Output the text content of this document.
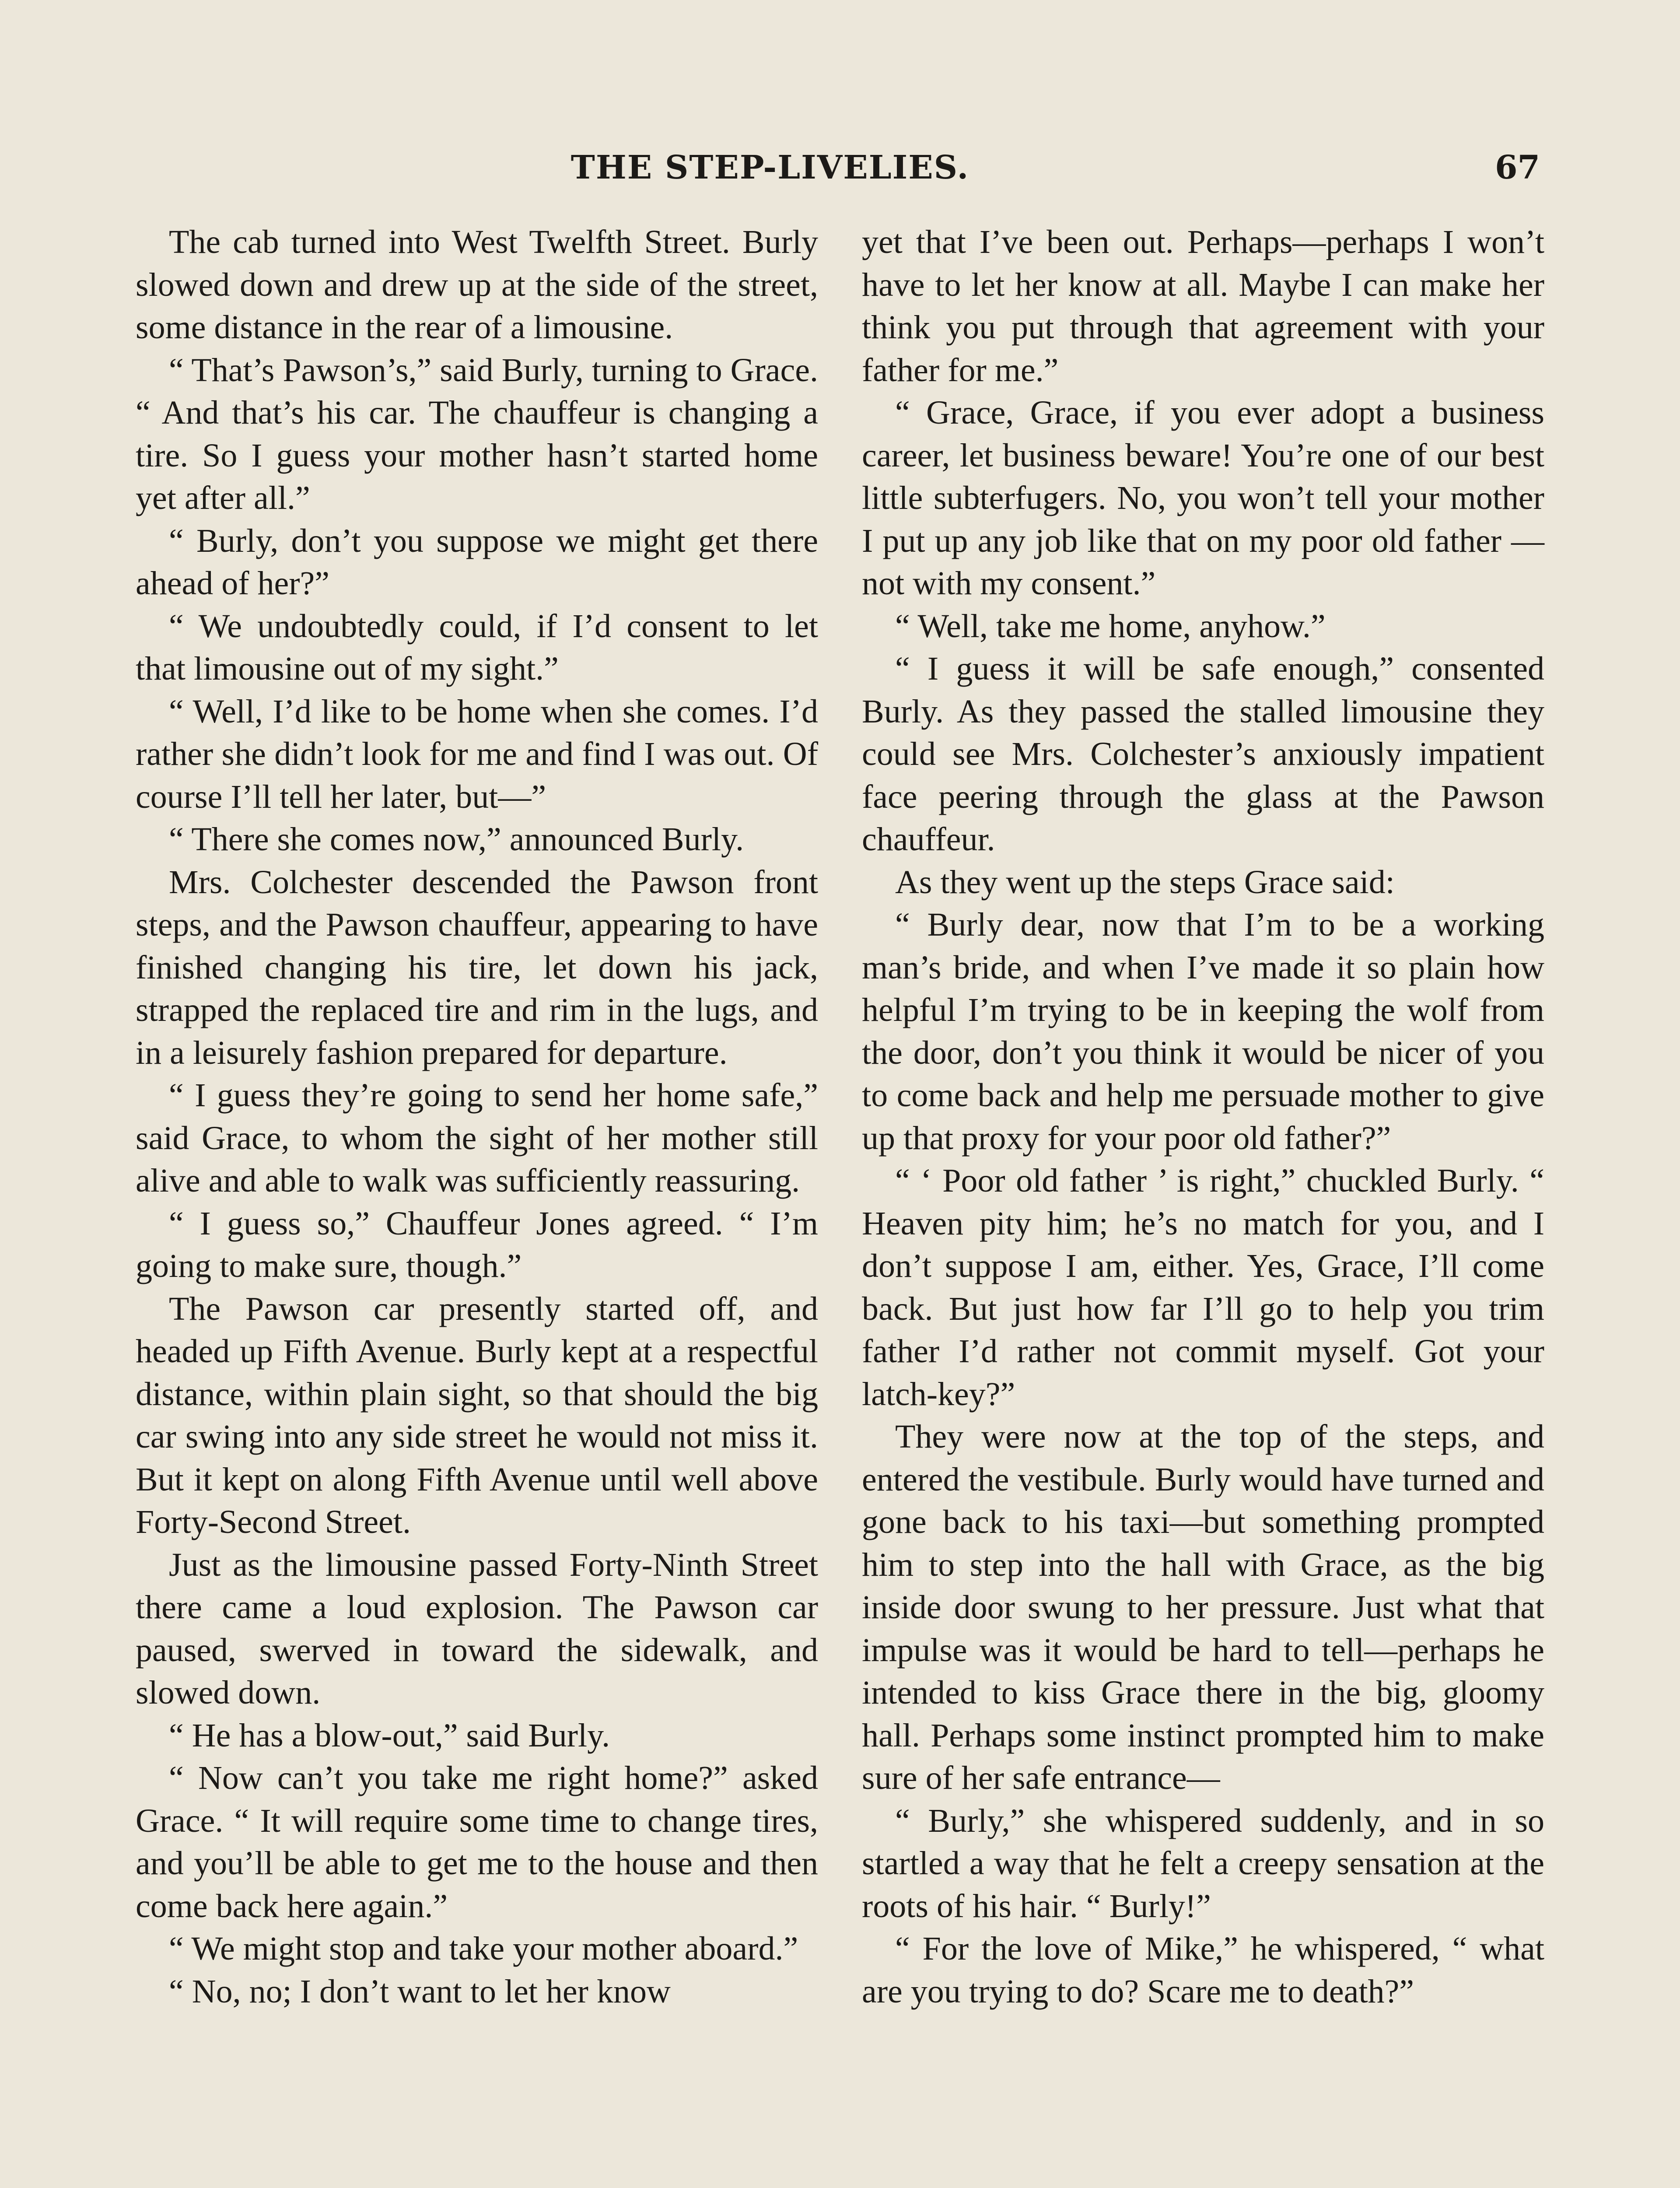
THE STEP-LIVELIES.	67

The cab turned into West Twelfth Street. Burly slowed down and drew up at the side of the street, some distance in the rear of a limousine.

“ That’s Pawson’s,” said Burly, turning to Grace. “ And that’s his car. The chauffeur is changing a tire. So I guess your mother hasn’t started home yet after all.”

“ Burly, don’t you suppose we might get there ahead of her?”

“ We undoubtedly could, if I’d consent to let that limousine out of my sight.”

“ Well, I’d like to be home when she comes. I’d rather she didn’t look for me and find I was out. Of course I’ll tell her later, but—”

“ There she comes now,” announced Burly.

Mrs. Colchester descended the Pawson front steps, and the Pawson chauffeur, appearing to have finished changing his tire, let down his jack, strapped the replaced tire and rim in the lugs, and in a leisurely fashion prepared for departure.

“ I guess they’re going to send her home safe,” said Grace, to whom the sight of her mother still alive and able to walk was sufficiently reassuring.

“ I guess so,” Chauffeur Jones agreed. “ I’m going to make sure, though.”

The Pawson car presently started off, and headed up Fifth Avenue. Burly kept at a respectful distance, within plain sight, so that should the big car swing into any side street he would not miss it. But it kept on along Fifth Avenue until well above Forty-Second Street.

Just as the limousine passed Forty-Ninth Street there came a loud explosion. The Pawson car paused, swerved in toward the sidewalk, and slowed down.

“ He has a blow-out,” said Burly.

“ Now can’t you take me right home?” asked Grace. “ It will require some time to change tires, and you’ll be able to get me to the house and then come back here again.”

“ We might stop and take your mother aboard.”

“ No, no; I don’t want to let her know

yet that I’ve been out. Perhaps—perhaps I won’t have to let her know at all. Maybe I can make her think you put through that agreement with your father for me.”

“ Grace, Grace, if you ever adopt a business career, let business beware! You’re one of our best little subterfugers. No, you won’t tell your mother I put up any job like that on my poor old father —not with my consent.”

“ Well, take me home, anyhow.”

“ I guess it will be safe enough,” consented Burly. As they passed the stalled limousine they could see Mrs. Colchester’s anxiously impatient face peering through the glass at the Pawson chauffeur.

As they went up the steps Grace said:

“ Burly dear, now that I’m to be a working man’s bride, and when I’ve made it so plain how helpful I’m trying to be in keeping the wolf from the door, don’t you think it would be nicer of you to come back and help me persuade mother to give up that proxy for your poor old father?”

“ ‘ Poor old father ’ is right,” chuckled Burly. “ Heaven pity him; he’s no match for you, and I don’t suppose I am, either. Yes, Grace, I’ll come back. But just how far I’ll go to help you trim father I’d rather not commit myself. Got your latch-key?”

They were now at the top of the steps, and entered the vestibule. Burly would have turned and gone back to his taxi—but something prompted him to step into the hall with Grace, as the big inside door swung to her pressure. Just what that impulse was it would be hard to tell—perhaps he intended to kiss Grace there in the big, gloomy hall. Perhaps some instinct prompted him to make sure of her safe entrance—

“ Burly,” she whispered suddenly, and in so startled a way that he felt a creepy sensation at the roots of his hair. “ Burly!”

“ For the love of Mike,” he whispered, “ what are you trying to do? Scare me to death?”
